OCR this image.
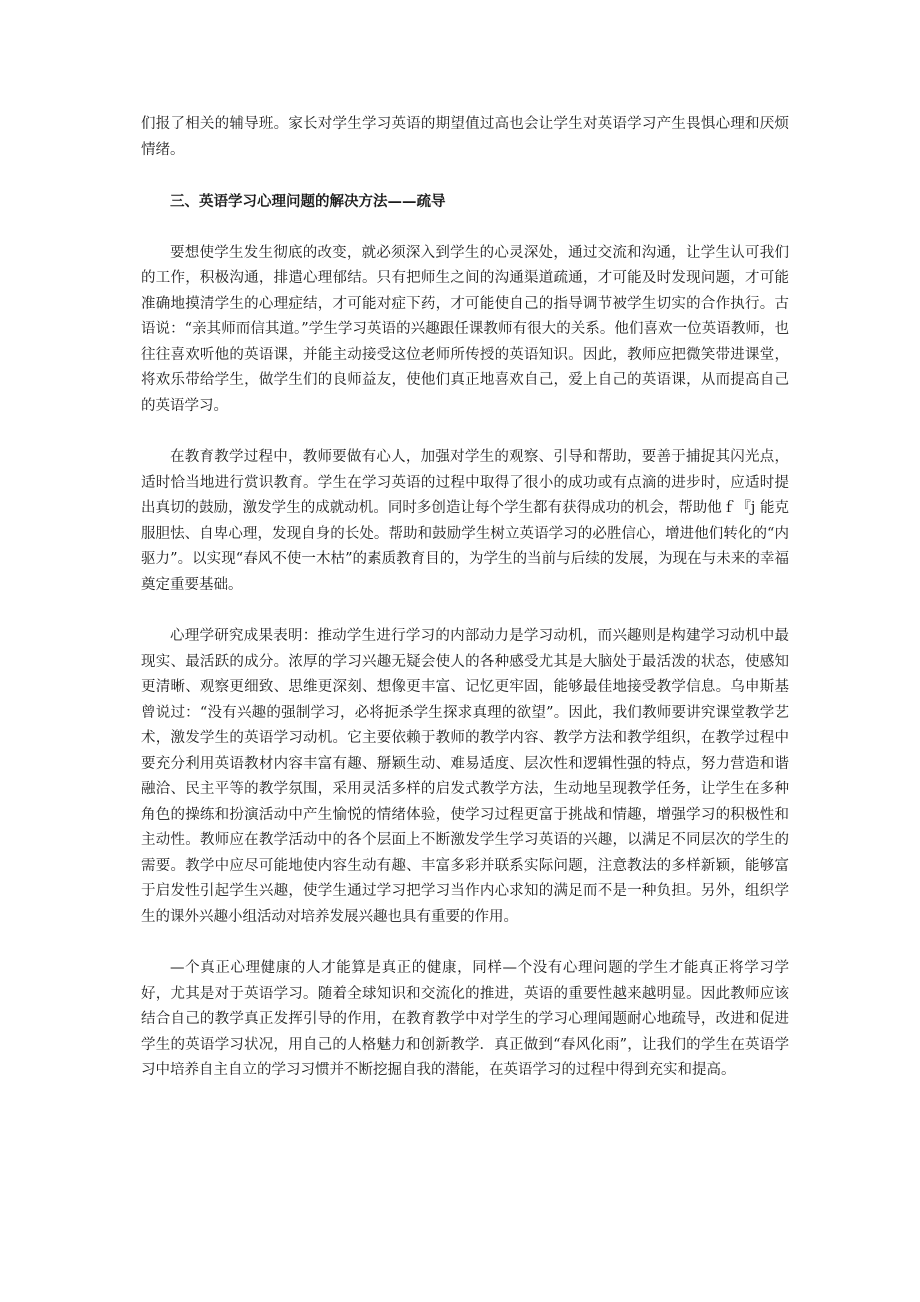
们报了相关的辅导班。家长对学生学习英语的期望值过高也会让学生对英语学习产生畏惧心理和厌烦情绪。

三、英语学习心理问题的解决方法——疏导

要想使学生发生彻底的改变，就必须深入到学生的心灵深处，通过交流和沟通，让学生认可我们的工作，积极沟通，排遣心理郁结。只有把师生之间的沟通渠道疏通，才可能及时发现问题，才可能准确地摸清学生的心理症结，才可能对症下药，才可能使自己的指导调节被学生切实的合作执行。古语说：“亲其师而信其道。”学生学习英语的兴趣跟任课教师有很大的关系。他们喜欢一位英语教师，也往往喜欢听他的英语课，并能主动接受这位老师所传授的英语知识。因此，教师应把微笑带进课堂，将欢乐带给学生，做学生们的良师益友，使他们真正地喜欢自己，爱上自己的英语课，从而提高自己的英语学习。

在教育教学过程中，教师要做有心人，加强对学生的观察、引导和帮助，要善于捕捉其闪光点，适时恰当地进行赏识教育。学生在学习英语的过程中取得了很小的成功或有点滴的进步时，应适时提出真切的鼓励，激发学生的成就动机。同时多创造让每个学生都有获得成功的机会，帮助他ｆ『j 能克服胆怯、自卑心理，发现自身的长处。帮助和鼓励学生树立英语学习的必胜信心，增进他们转化的“内驱力”。以实现“春风不使一木枯”的素质教育目的，为学生的当前与后续的发展，为现在与未来的幸福奠定重要基础。

心理学研究成果表明：推动学生进行学习的内部动力是学习动机，而兴趣则是构建学习动机中最现实、最活跃的成分。浓厚的学习兴趣无疑会使人的各种感受尤其是大脑处于最活泼的状态，使感知更清晰、观察更细致、思维更深刻、想像更丰富、记忆更牢固，能够最佳地接受教学信息。乌申斯基曾说过：“没有兴趣的强制学习，必将扼杀学生探求真理的欲望”。因此，我们教师要讲究课堂教学艺术，激发学生的英语学习动机。它主要依赖于教师的教学内容、教学方法和教学组织，在教学过程中要充分利用英语教材内容丰富有趣、掰颖生动、难易适度、层次性和逻辑性强的特点，努力营造和谐融洽、民主平等的教学氛围，采用灵活多样的启发式教学方法，生动地呈现教学任务，让学生在多种角色的操练和扮演活动中产生愉悦的情绪体验，使学习过程更富于挑战和情趣，增强学习的积极性和主动性。教师应在教学活动中的各个层面上不断激发学生学习英语的兴趣，以满足不同层次的学生的需要。教学中应尽可能地使内容生动有趣、丰富多彩并联系实际问题，注意教法的多样新颖，能够富于启发性引起学生兴趣，使学生通过学习把学习当作内心求知的满足而不是一种负担。另外，组织学生的课外兴趣小组活动对培养发展兴趣也具有重要的作用。

—个真正心理健康的人才能算是真正的健康，同样—个没有心理问题的学生才能真正将学习学好，尤其是对于英语学习。随着全球知识和交流化的推进，英语的重要性越来越明显。因此教师应该结合自己的教学真正发挥引导的作用，在教育教学中对学生的学习心理闻题耐心地疏导，改进和促进学生的英语学习状况，用自己的人格魅力和创新教学．真正做到“春风化雨”，让我们的学生在英语学习中培养自主自立的学习习惯并不断挖掘自我的潜能，在英语学习的过程中得到充实和提高。
